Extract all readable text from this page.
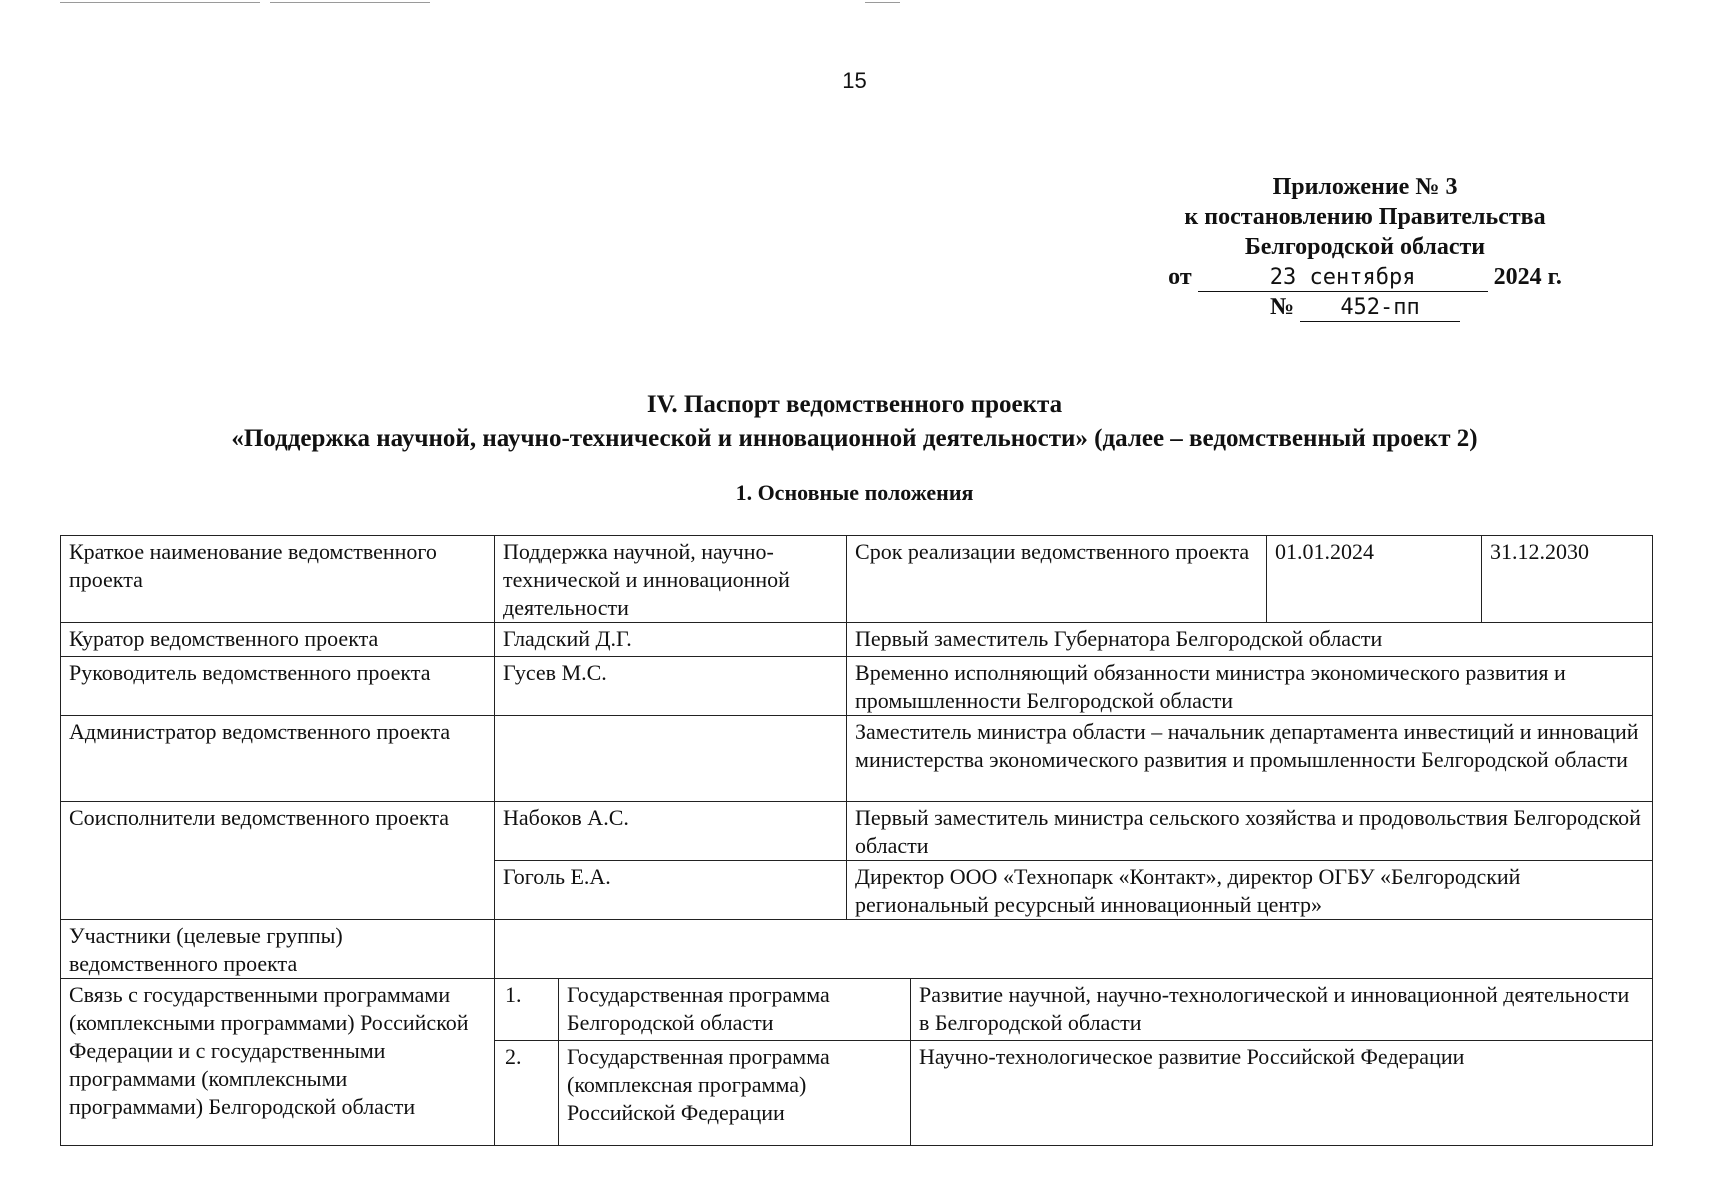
15
Приложение № 3
к постановлению Правительства
Белгородской области
от	23 сентября	2024 г.
№ 452-пп
IV. Паспорт ведомственного проекта
«Поддержка научной, научно-технической и инновационной деятельности» (далее – ведомственный проект 2)
1. Основные положения
Краткое наименование ведомственного проекта	Поддержка научной, научно-технической и инновационной деятельности		Срок реализации ведомственного проекта		01.01.2024	31.12.2030
Куратор ведомственного проекта	Гладский Д.Г.		Первый заместитель Губернатора Белгородской области			
Руководитель ведомственного проекта	Гусев М.С.		Временно исполняющий обязанности министра экономического развития и промышленности Белгородской области			
Администратор ведомственного проекта			Заместитель министра области – начальник департамента инвестиций и инноваций министерства экономического развития и промышленности Белгородской области			
Соисполнители ведомственного проекта	Набоков А.С.		Первый заместитель министра сельского хозяйства и продовольствия Белгородской области			
	Гоголь Е.А.		Директор ООО «Технопарк «Контакт», директор ОГБУ «Белгородский региональный ресурсный инновационный центр»			
Участники (целевые группы) ведомственного проекта						
Связь с государственными программами (комплексными программами) Российской Федерации и с государственными программами (комплексными программами) Белгородской области	1.	Государственная программа Белгородской области		Развитие научной, научно-технологической и инновационной деятельности в Белгородской области		
	2.	Государственная программа (комплексная программа) Российской Федерации		Научно-технологическое развитие Российской Федерации		
